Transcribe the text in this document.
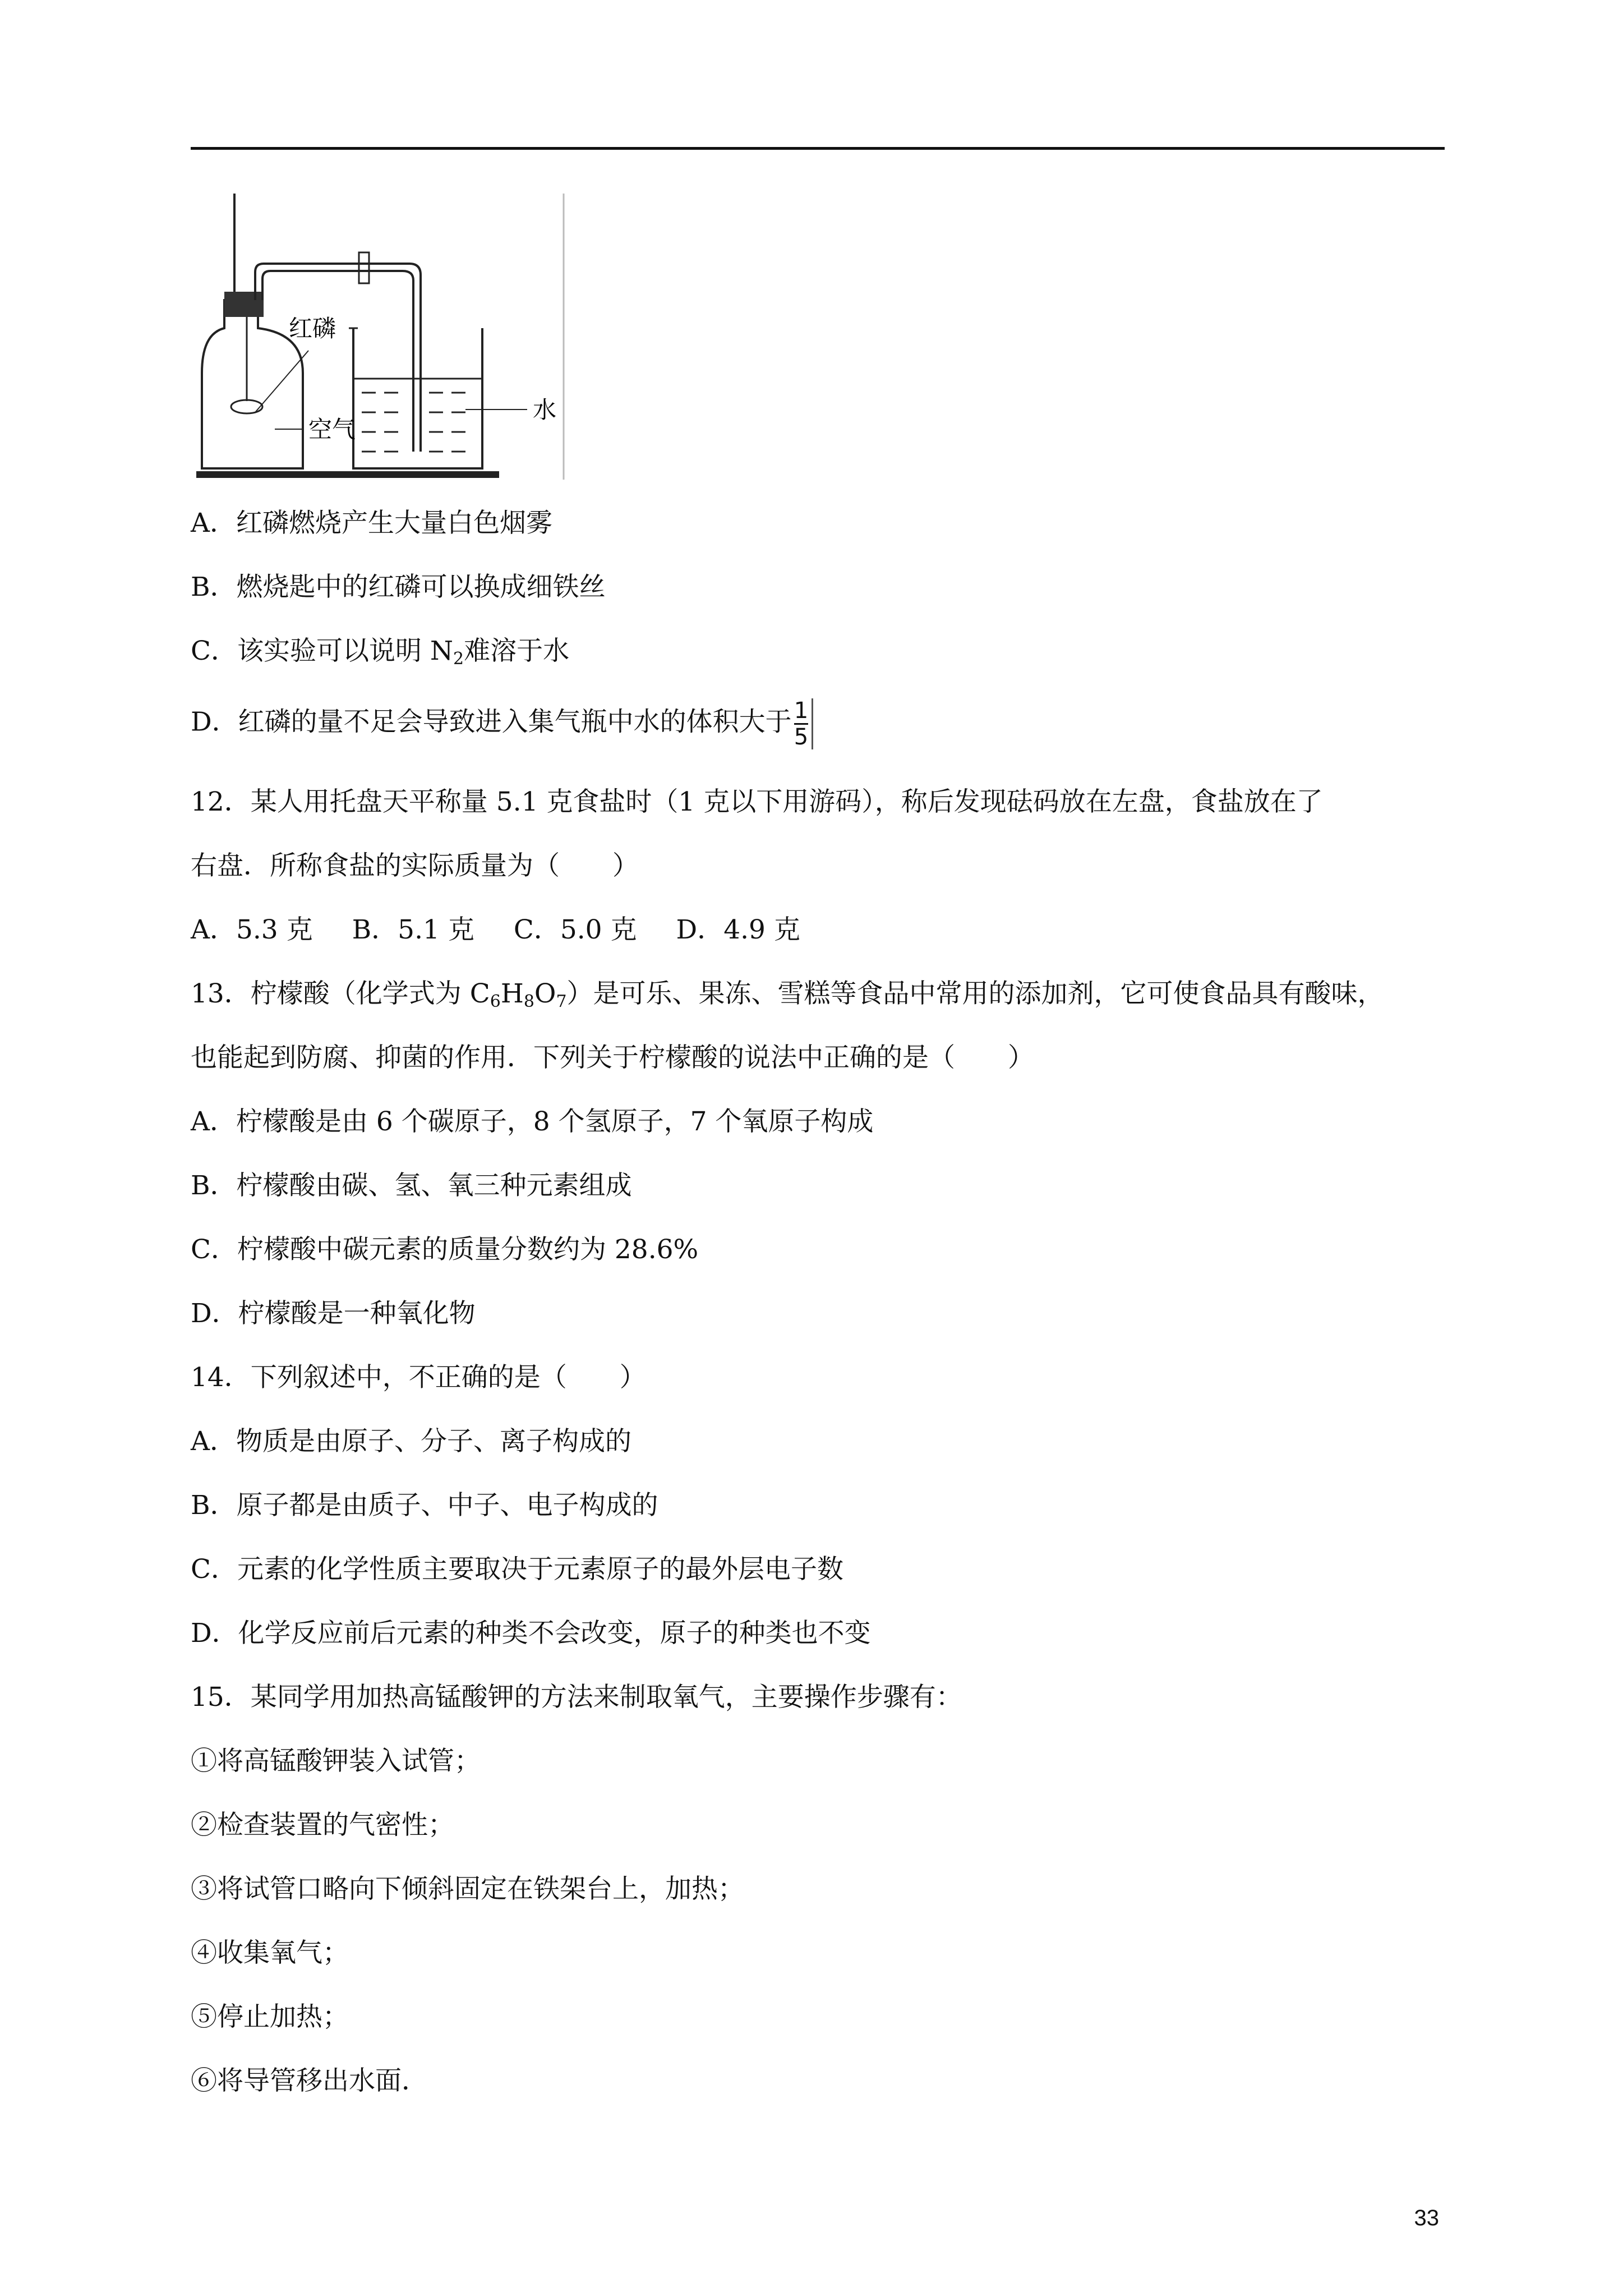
红磷
空气
水
A．红磷燃烧产生大量白色烟雾
B．燃烧匙中的红磷可以换成细铁丝
C．该实验可以说明 $N_2$难溶于水
D．红磷的量不足会导致进入集气瓶中水的体积大于 $\frac{1}{5}$
12．某人用托盘天平称量 5.1 克食盐时（1 克以下用游码），称后发现砝码放在左盘，食盐放在了
右盘．所称食盐的实际质量为（　　）
A．5.3 克 B．5.1 克 C．5.0 克 D．4.9 克
13．柠檬酸（化学式为 $C_6H_8O_7$）是可乐、果冻、雪糕等食品中常用的添加剂，它可使食品具有酸味，
也能起到防腐、抑菌的作用．下列关于柠檬酸的说法中正确的是（　　）
A．柠檬酸是由 6 个碳原子，8 个氢原子，7 个氧原子构成
B．柠檬酸由碳、氢、氧三种元素组成
C．柠檬酸中碳元素的质量分数约为 28.6%
D．柠檬酸是一种氧化物
14．下列叙述中，不正确的是（　　）
A．物质是由原子、分子、离子构成的
B．原子都是由质子、中子、电子构成的
C．元素的化学性质主要取决于元素原子的最外层电子数
D．化学反应前后元素的种类不会改变，原子的种类也不变
15．某同学用加热高锰酸钾的方法来制取氧气，主要操作步骤有：
①将高锰酸钾装入试管；
②检查装置的气密性；
③将试管口略向下倾斜固定在铁架台上，加热；
④收集氧气；
⑤停止加热；
⑥将导管移出水面．
33
